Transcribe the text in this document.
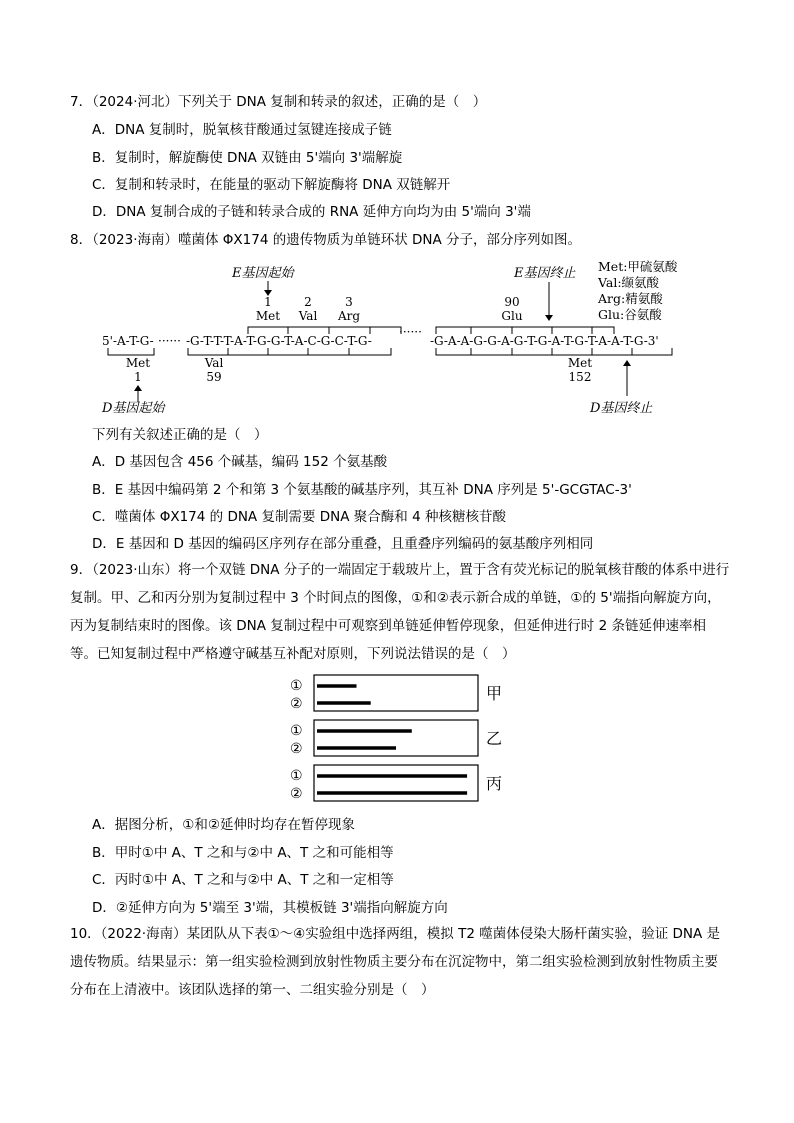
7．（2024·河北）下列关于 DNA 复制和转录的叙述，正确的是（　）
A．DNA 复制时，脱氧核苷酸通过氢键连接成子链
B．复制时，解旋酶使 DNA 双链由 5'端向 3'端解旋
C．复制和转录时，在能量的驱动下解旋酶将 DNA 双链解开
D．DNA 复制合成的子链和转录合成的 RNA 延伸方向均为由 5'端向 3'端
8．（2023·海南）噬菌体 ΦX174 的遗传物质为单链环状 DNA 分子，部分序列如图。
E基因起始
1	2	3	90
Met Val Arg	Glu
E基因终止 Met:甲硫氨酸
Val:缬氨酸
Arg:精氨酸
Glu:谷氨酸
5'-A-T-G- ······ -G-T-T-T-A-T-G-G-T-A-C-G-C-T-G-
······
-G-A-A-G-G-A-G-T-G-A-T-G-T-A-A-T-G-3'
Met
1
Val
59
Met
152
D基因起始	D基因终止
下列有关叙述正确的是（　）
A．D 基因包含 456 个碱基，编码 152 个氨基酸
B．E 基因中编码第 2 个和第 3 个氨基酸的碱基序列，其互补 DNA 序列是 5'-GCGTAC-3'
C．噬菌体 ΦX174 的 DNA 复制需要 DNA 聚合酶和 4 种核糖核苷酸
D．E 基因和 D 基因的编码区序列存在部分重叠，且重叠序列编码的氨基酸序列相同
9．（2023·山东）将一个双链 DNA 分子的一端固定于载玻片上，置于含有荧光标记的脱氧核苷酸的体系中进行复制。甲、乙和丙分别为复制过程中 3 个时间点的图像，①和②表示新合成的单链，①的 5'端指向解旋方向，丙为复制结束时的图像。该 DNA 复制过程中可观察到单链延伸暂停现象，但延伸进行时 2 条链延伸速率相等。已知复制过程中严格遵守碱基互补配对原则，下列说法错误的是（　）
①
②
甲
①
②
乙
①
②
丙
A．据图分析，①和②延伸时均存在暂停现象
B．甲时①中 A、T 之和与②中 A、T 之和可能相等
C．丙时①中 A、T 之和与②中 A、T 之和一定相等
D．②延伸方向为 5'端至 3'端，其模板链 3'端指向解旋方向
10．（2022·海南）某团队从下表①～④实验组中选择两组，模拟 T2 噬菌体侵染大肠杆菌实验，验证 DNA 是遗传物质。结果显示：第一组实验检测到放射性物质主要分布在沉淀物中，第二组实验检测到放射性物质主要分布在上清液中。该团队选择的第一、二组实验分别是（　）
